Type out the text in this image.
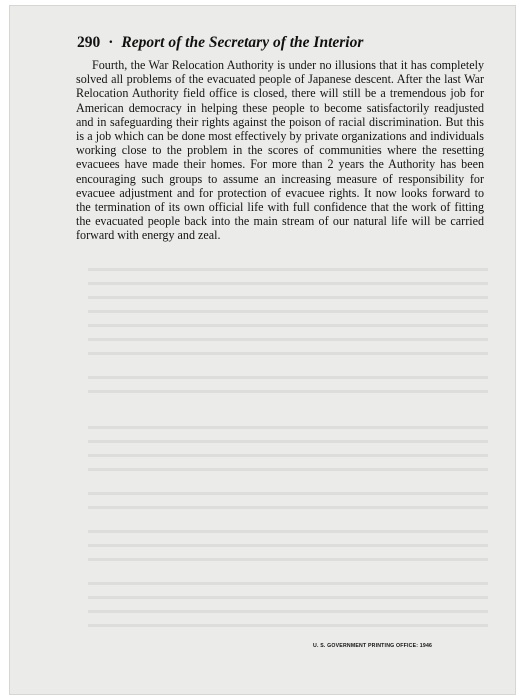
290 · Report of the Secretary of the Interior

Fourth, the War Relocation Authority is under no illusions that it has completely solved all problems of the evacuated people of Japanese descent. After the last War Relocation Authority field office is closed, there will still be a tremendous job for American democracy in helping these people to become satisfactorily readjusted and in safeguarding their rights against the poison of racial discrimination. But this is a job which can be done most effectively by private organizations and individuals working close to the problem in the scores of communities where the resetting evacuees have made their homes. For more than 2 years the Authority has been encouraging such groups to assume an increasing measure of responsibility for evacuee adjustment and for protection of evacuee rights. It now looks forward to the termination of its own official life with full confidence that the work of fitting the evacuated people back into the main stream of our natural life will be carried forward with energy and zeal.

U. S. GOVERNMENT PRINTING OFFICE: 1946
